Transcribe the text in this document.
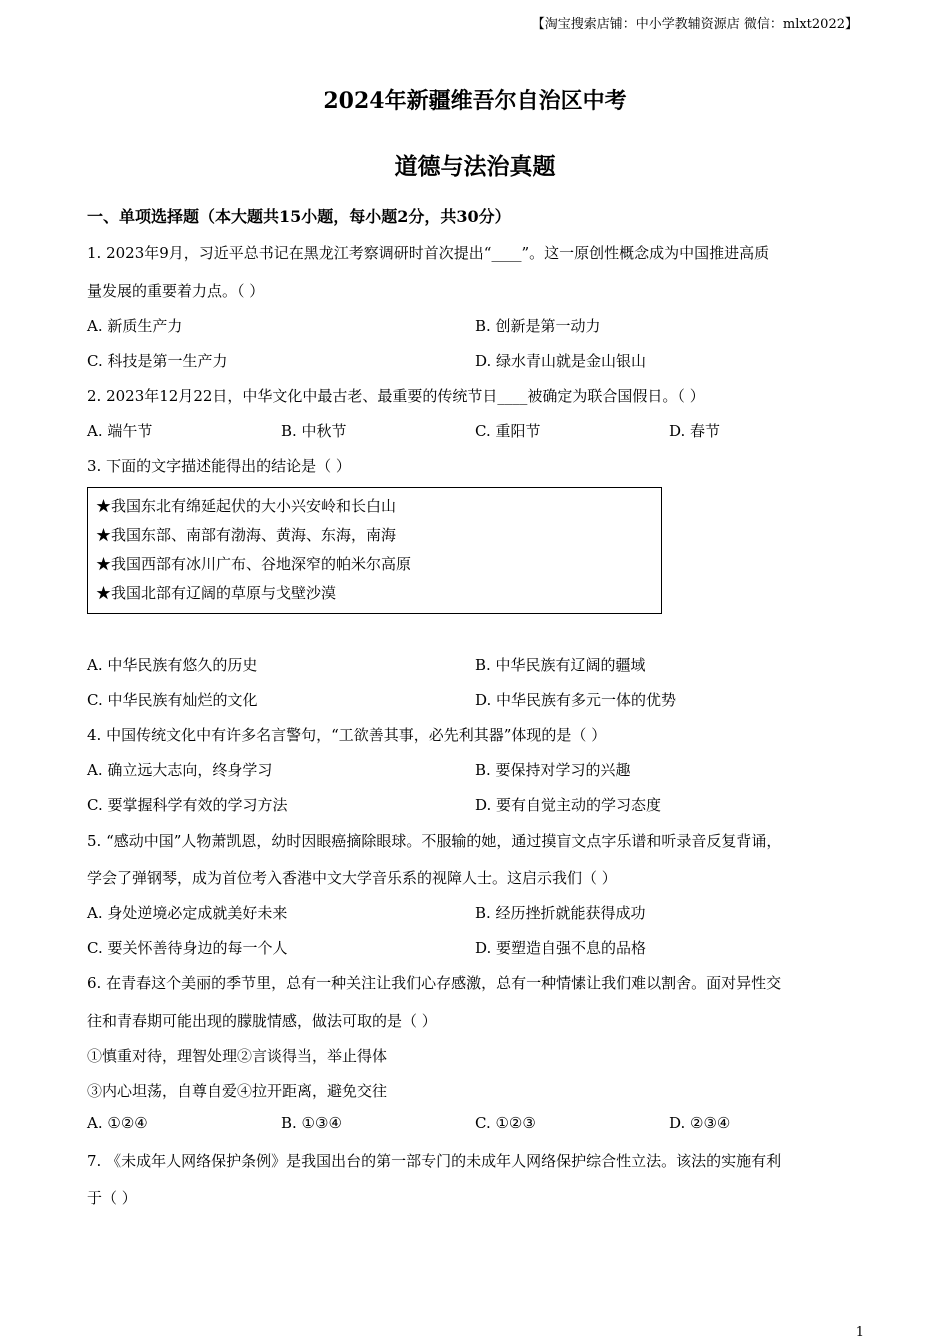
【淘宝搜索店铺：中小学教辅资源店 微信：mlxt2022】
2024年新疆维吾尔自治区中考
道德与法治真题
一、单项选择题（本大题共15小题，每小题2分，共30分）
1. 2023年9月，习近平总书记在黑龙江考察调研时首次提出“____”。这一原创性概念成为中国推进高质
量发展的重要着力点。（ ）
A. 新质生产力	B. 创新是第一动力
C. 科技是第一生产力	D. 绿水青山就是金山银山
2. 2023年12月22日，中华文化中最古老、最重要的传统节日____被确定为联合国假日。（ ）
A. 端午节	B. 中秋节	C. 重阳节	D. 春节
3. 下面的文字描述能得出的结论是（ ）
★我国东北有绵延起伏的大小兴安岭和长白山
★我国东部、南部有渤海、黄海、东海，南海
★我国西部有冰川广布、谷地深窄的帕米尔高原
★我国北部有辽阔的草原与戈壁沙漠
A. 中华民族有悠久的历史	B. 中华民族有辽阔的疆域
C. 中华民族有灿烂的文化	D. 中华民族有多元一体的优势
4. 中国传统文化中有许多名言警句，“工欲善其事，必先利其器”体现的是（ ）
A. 确立远大志向，终身学习	B. 要保持对学习的兴趣
C. 要掌握科学有效的学习方法	D. 要有自觉主动的学习态度
5. “感动中国”人物萧凯恩，幼时因眼癌摘除眼球。不服输的她，通过摸盲文点字乐谱和听录音反复背诵，
学会了弹钢琴，成为首位考入香港中文大学音乐系的视障人士。这启示我们（ ）
A. 身处逆境必定成就美好未来	B. 经历挫折就能获得成功
C. 要关怀善待身边的每一个人	D. 要塑造自强不息的品格
6. 在青春这个美丽的季节里，总有一种关注让我们心存感激，总有一种情愫让我们难以割舍。面对异性交
往和青春期可能出现的朦胧情感，做法可取的是（ ）
①慎重对待，理智处理②言谈得当，举止得体
③内心坦荡，自尊自爱④拉开距离，避免交往
A. ①②④	B. ①③④	C. ①②③	D. ②③④
7. 《未成年人网络保护条例》是我国出台的第一部专门的未成年人网络保护综合性立法。该法的实施有利
于（ ）
1
